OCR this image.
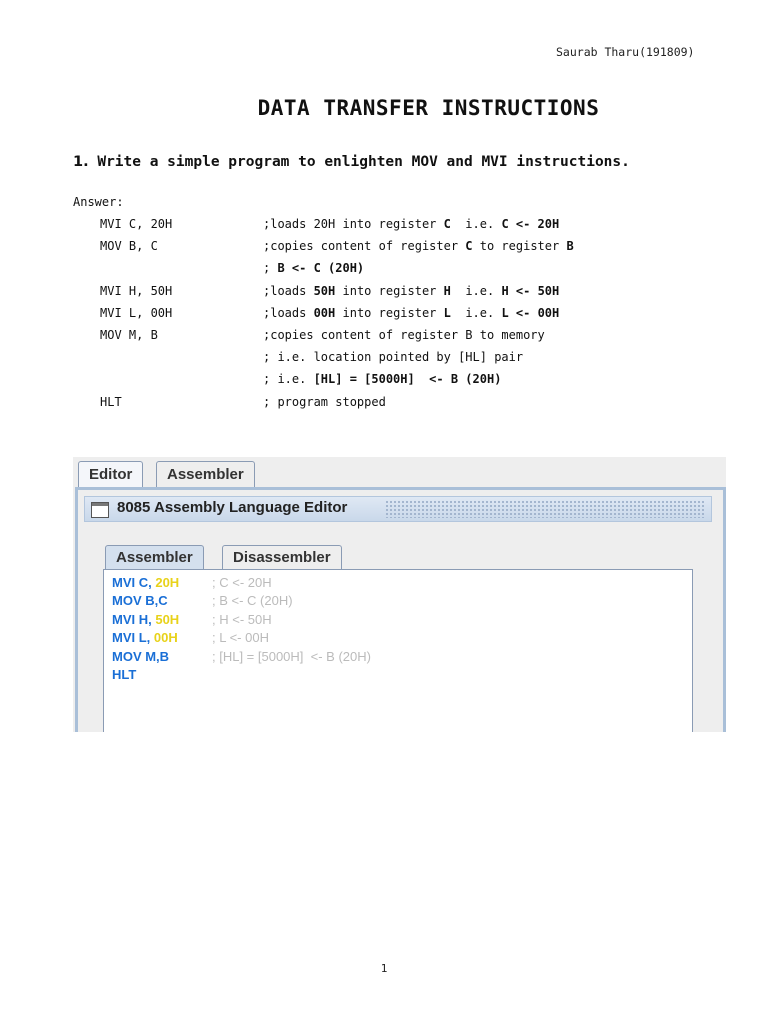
Saurab Tharu(191809)
DATA TRANSFER INSTRUCTIONS
1. Write a simple program to enlighten MOV and MVI instructions.
Answer:
MVI C, 20H	;loads 20H into register C  i.e. C <- 20H
MOV B, C	;copies content of register C to register B
; B <- C (20H)
MVI H, 50H	;loads 50H into register H  i.e. H <- 50H
MVI L, 00H	;loads 00H into register L  i.e. L <- 00H
MOV M, B	;copies content of register B to memory
; i.e. location pointed by [HL] pair
; i.e. [HL] = [5000H]  <- B (20H)
HLT	; program stopped
Editor	Assembler
8085 Assembly Language Editor
Assembler	Disassembler
MVI C, 20H	; C <- 20H
MOV B,C	; B <- C (20H)
MVI H, 50H	; H <- 50H
MVI L, 00H	; L <- 00H
MOV M,B	; [HL] = [5000H]  <- B (20H)
HLT
1
